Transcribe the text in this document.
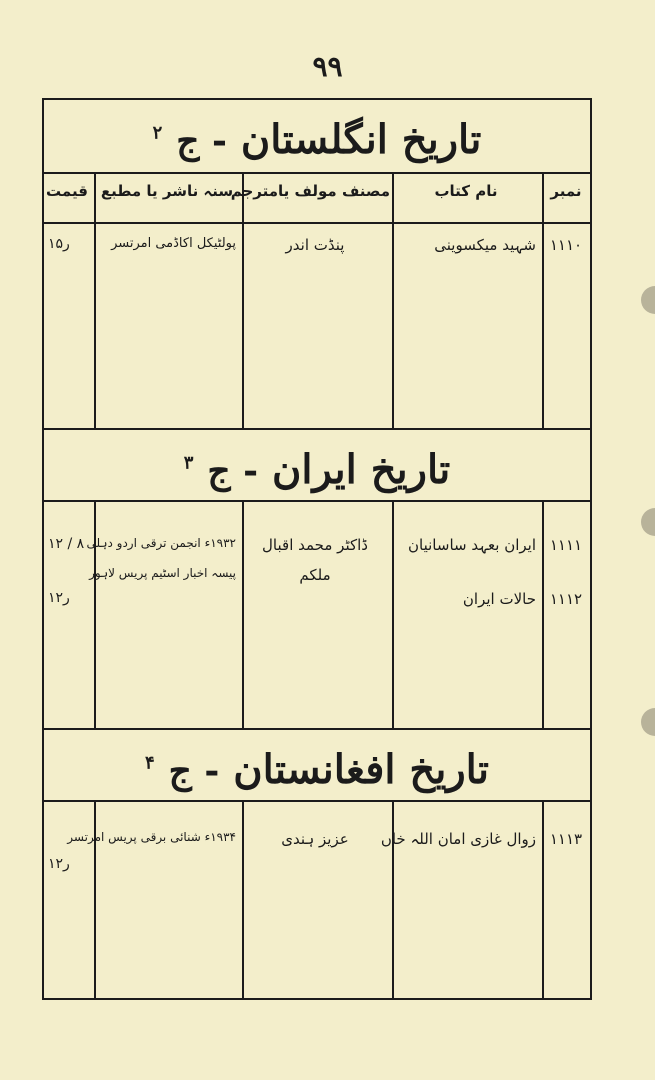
۹۹
تاریخ انگلستان - ج $^۲$
نمبر
نام کتاب
مصنف مولف یامترجم
سنہ ناشر یا مطبع
قیمت
۱۱۱۰
شہید میکسوینی
پنڈت اندر
پولٹیکل اکاڈمی امرتسر
۱۵ر
تاریخ ایران - ج $^۳$
۱۱۱۱
ایران بعہد ساسانیان
ڈاکٹر محمد اقبال
۱۹۳۲ء انجمن ترقی اردو دہلی
۱۲ / ۸
۱۱۱۲
حالات ایران
ملکم
پیسہ اخبار اسٹیم پریس لاہور
۱۲ر
تاریخ افغانستان - ج $^۴$
۱۱۱۳
زوال غازی امان اللہ خاں
عزیز ہندی
۱۹۳۴ء شنائی برقی پریس امرتسر
۱۲ر
